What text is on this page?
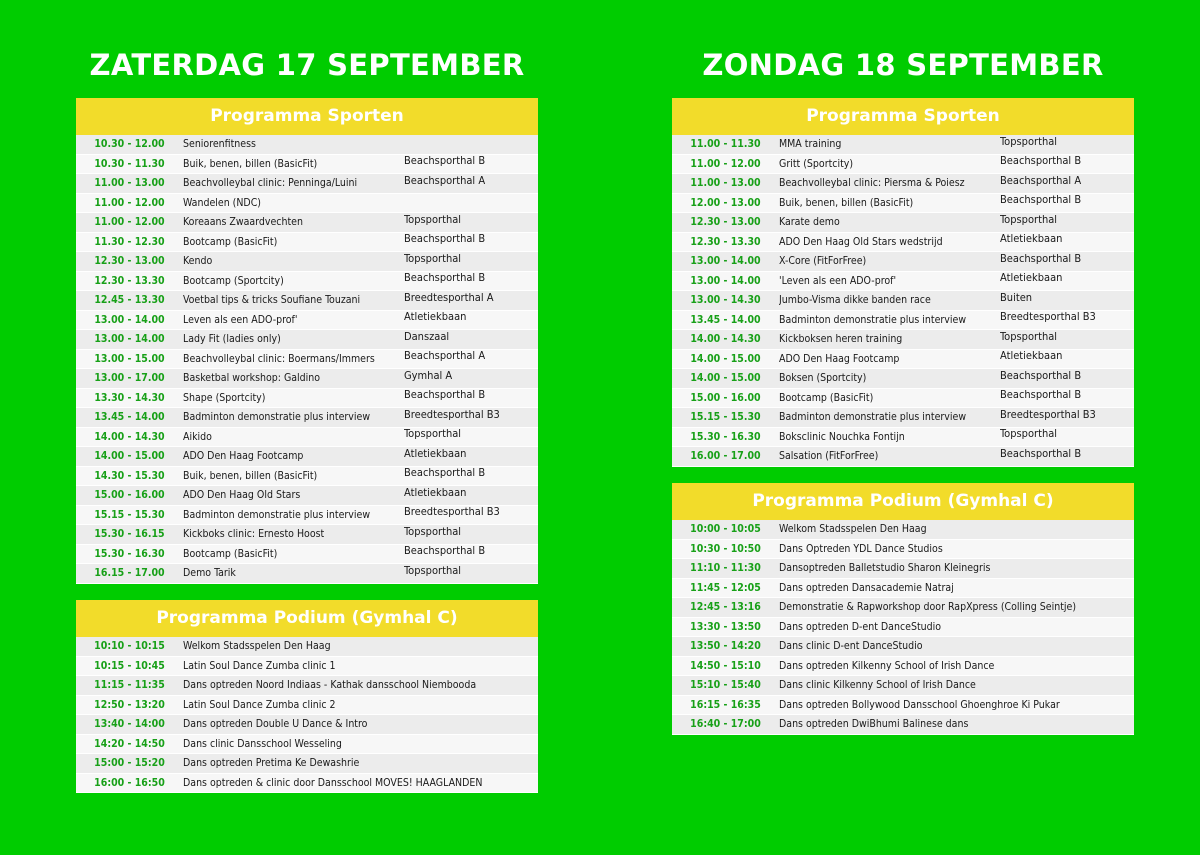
ZATERDAG 17 SEPTEMBER	ZONDAG 18 SEPTEMBER
Programma Sporten
10.30 - 12.00	Seniorenfitness
10.30 - 11.30	Buik, benen, billen (BasicFit)	Beachsporthal B
11.00 - 13.00	Beachvolleybal clinic: Penninga/Luini	Beachsporthal A
11.00 - 12.00	Wandelen (NDC)
11.00 - 12.00	Koreaans Zwaardvechten	Topsporthal
11.30 - 12.30	Bootcamp (BasicFit)	Beachsporthal B
12.30 - 13.00	Kendo	Topsporthal
12.30 - 13.30	Bootcamp (Sportcity)	Beachsporthal B
12.45 - 13.30	Voetbal tips & tricks Soufiane Touzani	Breedtesporthal A
13.00 - 14.00	Leven als een ADO-prof'	Atletiekbaan
13.00 - 14.00	Lady Fit (ladies only)	Danszaal
13.00 - 15.00	Beachvolleybal clinic: Boermans/Immers	Beachsporthal A
13.00 - 17.00	Basketbal workshop: Galdino	Gymhal A
13.30 - 14.30	Shape (Sportcity)	Beachsporthal B
13.45 - 14.00	Badminton demonstratie plus interview	Breedtesporthal B3
14.00 - 14.30	Aikido	Topsporthal
14.00 - 15.00	ADO Den Haag Footcamp	Atletiekbaan
14.30 - 15.30	Buik, benen, billen (BasicFit)	Beachsporthal B
15.00 - 16.00	ADO Den Haag Old Stars	Atletiekbaan
15.15 - 15.30	Badminton demonstratie plus interview	Breedtesporthal B3
15.30 - 16.15	Kickboks clinic: Ernesto Hoost	Topsporthal
15.30 - 16.30	Bootcamp (BasicFit)	Beachsporthal B
16.15 - 17.00	Demo Tarik	Topsporthal
Programma Podium (Gymhal C)
10:10 - 10:15	Welkom Stadsspelen Den Haag
10:15 - 10:45	Latin Soul Dance Zumba clinic 1
11:15 - 11:35	Dans optreden Noord Indiaas - Kathak dansschool Niembooda
12:50 - 13:20	Latin Soul Dance Zumba clinic 2
13:40 - 14:00	Dans optreden Double U Dance & Intro
14:20 - 14:50	Dans clinic Dansschool Wesseling
15:00 - 15:20	Dans optreden Pretima Ke Dewashrie
16:00 - 16:50	Dans optreden & clinic door Dansschool MOVES! HAAGLANDEN
Programma Sporten
11.00 - 11.30	MMA training	Topsporthal
11.00 - 12.00	Gritt (Sportcity)	Beachsporthal B
11.00 - 13.00	Beachvolleybal clinic: Piersma & Poiesz	Beachsporthal A
12.00 - 13.00	Buik, benen, billen (BasicFit)	Beachsporthal B
12.30 - 13.00	Karate demo	Topsporthal
12.30 - 13.30	ADO Den Haag Old Stars wedstrijd	Atletiekbaan
13.00 - 14.00	X-Core (FitForFree)	Beachsporthal B
13.00 - 14.00	'Leven als een ADO-prof'	Atletiekbaan
13.00 - 14.30	Jumbo-Visma dikke banden race	Buiten
13.45 - 14.00	Badminton demonstratie plus interview	Breedtesporthal B3
14.00 - 14.30	Kickboksen heren training	Topsporthal
14.00 - 15.00	ADO Den Haag Footcamp	Atletiekbaan
14.00 - 15.00	Boksen (Sportcity)	Beachsporthal B
15.00 - 16.00	Bootcamp (BasicFit)	Beachsporthal B
15.15 - 15.30	Badminton demonstratie plus interview	Breedtesporthal B3
15.30 - 16.30	Boksclinic Nouchka Fontijn	Topsporthal
16.00 - 17.00	Salsation (FitForFree)	Beachsporthal B
Programma Podium (Gymhal C)
10:00 - 10:05	Welkom Stadsspelen Den Haag
10:30 - 10:50	Dans Optreden YDL Dance Studios
11:10 - 11:30	Dansoptreden Balletstudio Sharon Kleinegris
11:45 - 12:05	Dans optreden Dansacademie Natraj
12:45 - 13:16	Demonstratie & Rapworkshop door RapXpress (Colling Seintje)
13:30 - 13:50	Dans optreden D-ent DanceStudio
13:50 - 14:20	Dans clinic D-ent DanceStudio
14:50 - 15:10	Dans optreden Kilkenny School of Irish Dance
15:10 - 15:40	Dans clinic Kilkenny School of Irish Dance
16:15 - 16:35	Dans optreden Bollywood Dansschool Ghoenghroe Ki Pukar
16:40 - 17:00	Dans optreden DwiBhumi Balinese dans
